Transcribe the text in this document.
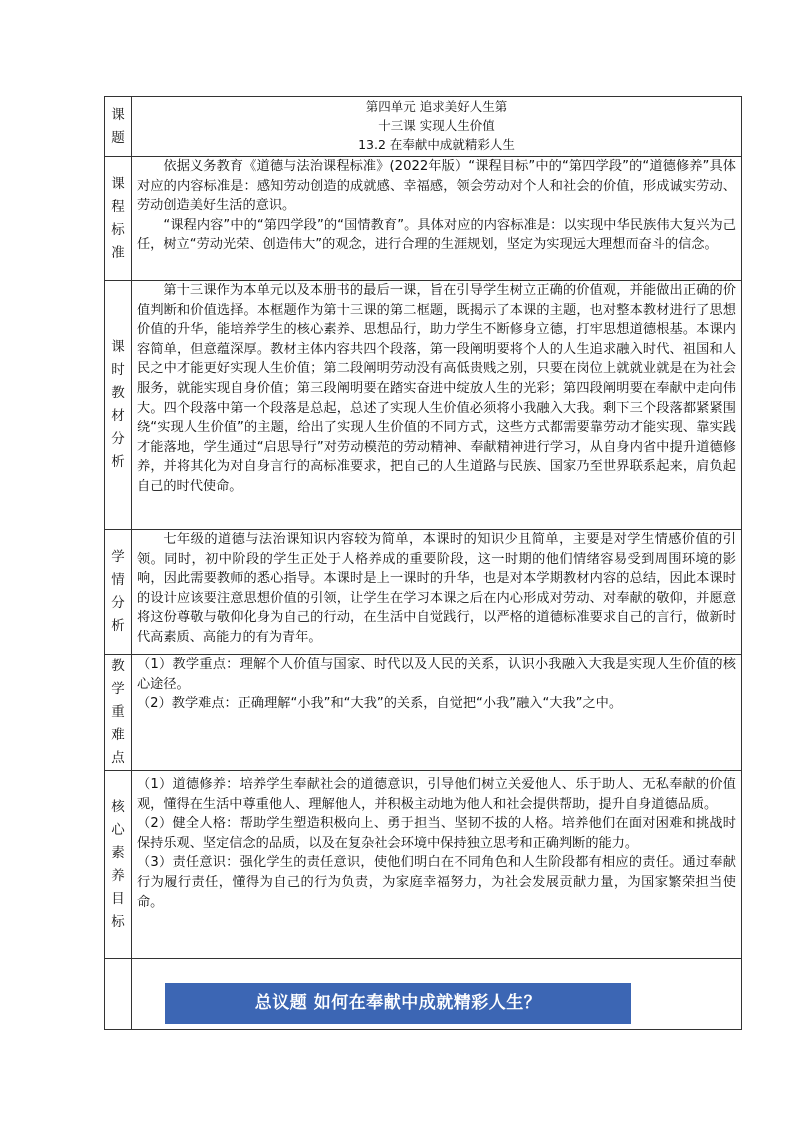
课题	第四单元 追求美好人生第
十三课 实现人生价值
13.2 在奉献中成就精彩人生

课程标准	依据义务教育《道德与法治课程标准》(2022年版）“课程目标”中的“第四学段”的“道德修养”具体对应的内容标准是：感知劳动创造的成就感、幸福感，领会劳动对个人和社会的价值，形成诚实劳动、劳动创造美好生活的意识。

“课程内容”中的“第四学段”的“国情教育”。具体对应的内容标准是：以实现中华民族伟大复兴为己任，树立“劳动光荣、创造伟大”的观念，进行合理的生涯规划，坚定为实现远大理想而奋斗的信念。

课时教材分析	第十三课作为本单元以及本册书的最后一课，旨在引导学生树立正确的价值观，并能做出正确的价值判断和价值选择。本框题作为第十三课的第二框题，既揭示了本课的主题，也对整本教材进行了思想价值的升华，能培养学生的核心素养、思想品行，助力学生不断修身立德，打牢思想道德根基。本课内容简单，但意蕴深厚。教材主体内容共四个段落，第一段阐明要将个人的人生追求融入时代、祖国和人民之中才能更好实现人生价值；第二段阐明劳动没有高低贵贱之别，只要在岗位上就就业就是在为社会服务，就能实现自身价值；第三段阐明要在踏实奋进中绽放人生的光彩；第四段阐明要在奉献中走向伟大。四个段落中第一个段落是总起，总述了实现人生价值必须将小我融入大我。剩下三个段落都紧紧围绕“实现人生价值”的主题，给出了实现人生价值的不同方式，这些方式都需要靠劳动才能实现、靠实践才能落地，学生通过“启思导行”对劳动模范的劳动精神、奉献精神进行学习，从自身内省中提升道德修养，并将其化为对自身言行的高标准要求，把自己的人生道路与民族、国家乃至世界联系起来，肩负起自己的时代使命。

学情分析	七年级的道德与法治课知识内容较为简单，本课时的知识少且简单，主要是对学生情感价值的引领。同时，初中阶段的学生正处于人格养成的重要阶段，这一时期的他们情绪容易受到周围环境的影响，因此需要教师的悉心指导。本课时是上一课时的升华，也是对本学期教材内容的总结，因此本课时的设计应该要注意思想价值的引领，让学生在学习本课之后在内心形成对劳动、对奉献的敬仰，并愿意将这份尊敬与敬仰化身为自己的行动，在生活中自觉践行，以严格的道德标准要求自己的言行，做新时代高素质、高能力的有为青年。

教学重难点	（1）教学重点：理解个人价值与国家、时代以及人民的关系，认识小我融入大我是实现人生价值的核心途径。

（2）教学难点：正确理解“小我”和“大我”的关系，自觉把“小我”融入“大我”之中。

核心素养目标	（1）道德修养：培养学生奉献社会的道德意识，引导他们树立关爱他人、乐于助人、无私奉献的价值观，懂得在生活中尊重他人、理解他人，并积极主动地为他人和社会提供帮助，提升自身道德品质。

（2）健全人格：帮助学生塑造积极向上、勇于担当、坚韧不拔的人格。培养他们在面对困难和挑战时保持乐观、坚定信念的品质，以及在复杂社会环境中保持独立思考和正确判断的能力。

（3）责任意识：强化学生的责任意识，使他们明白在不同角色和人生阶段都有相应的责任。通过奉献行为履行责任，懂得为自己的行为负责，为家庭幸福努力，为社会发展贡献力量，为国家繁荣担当使命。

	总议题 如何在奉献中成就精彩人生？
